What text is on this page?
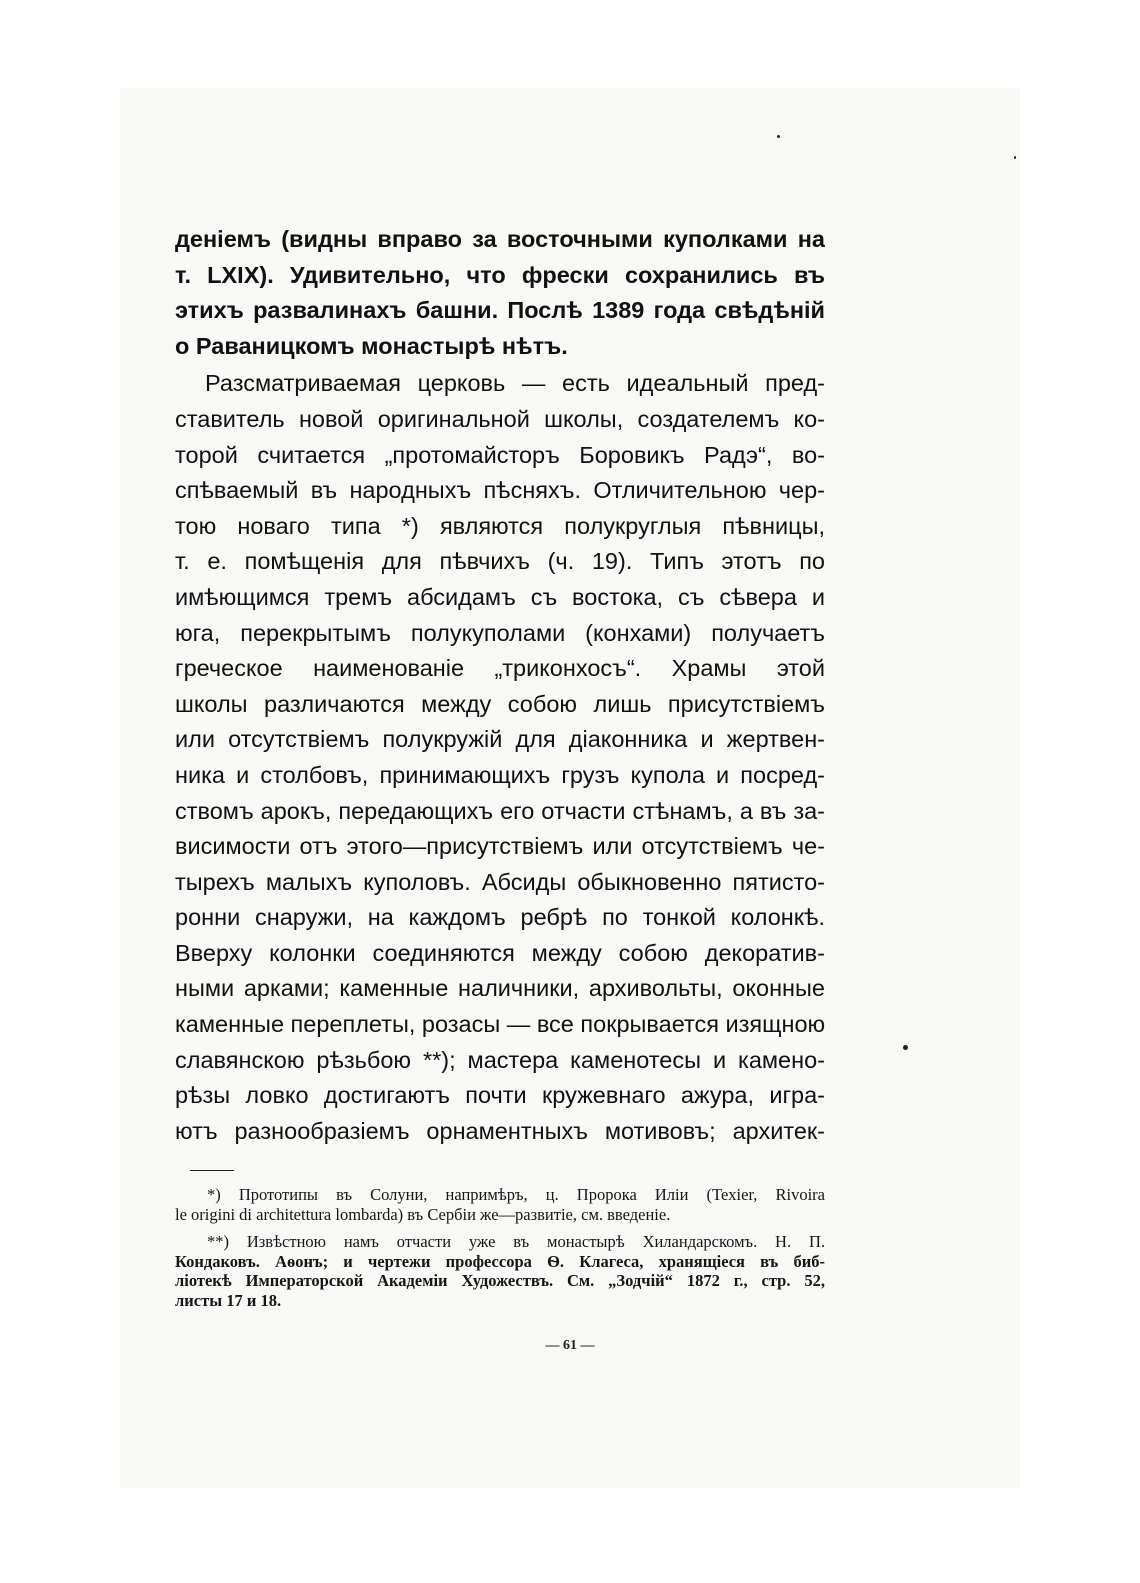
деніемъ (видны вправо за восточными куполками на
т. LXIX). Удивительно, что фрески сохранились въ
этихъ развалинахъ башни. Послѣ 1389 года свѣдѣній
о Раваницкомъ монастырѣ нѣтъ.
Разсматриваемая церковь — есть идеальный пред-
ставитель новой оригинальной школы, создателемъ ко-
торой считается „протомайсторъ Боровикъ Радэ“, во-
спѣваемый въ народныхъ пѣсняхъ. Отличительною чер-
тою новаго типа *) являются полукруглыя пѣвницы,
т. е. помѣщенія для пѣвчихъ (ч. 19). Типъ этотъ по
имѣющимся тремъ абсидамъ съ востока, съ сѣвера и
юга, перекрытымъ полукуполами (конхами) получаетъ
греческое наименованіе „триконхосъ“. Храмы этой
школы различаются между собою лишь присутствіемъ
или отсутствіемъ полукружій для діаконника и жертвен-
ника и столбовъ, принимающихъ грузъ купола и посред-
ствомъ арокъ, передающихъ его отчасти стѣнамъ, а въ за-
висимости отъ этого—присутствіемъ или отсутствіемъ че-
тырехъ малыхъ куполовъ. Абсиды обыкновенно пятисто-
ронни снаружи, на каждомъ ребрѣ по тонкой колонкѣ.
Вверху колонки соединяются между собою декоратив-
ными арками; каменные наличники, архивольты, оконные
каменные переплеты, розасы — все покрывается изящною
славянскою рѣзьбою **); мастера каменотесы и камено-
рѣзы ловко достигаютъ почти кружевнаго ажура, игра-
ютъ разнообразіемъ орнаментныхъ мотивовъ; архитек-
*) Прототипы въ Солуни, напримѣръ, ц. Пророка Иліи (Texier, Rivoira
le origini di architettura lombarda) въ Сербіи же—развитіе, см. введеніе.
**) Извѣстною намъ отчасти уже въ монастырѣ Хиландарскомъ. Н. П.
Кондаковъ. Аѳонъ; и чертежи профессора Ѳ. Клагеса, хранящіеся въ биб-
ліотекѣ Императорской Академіи Художествъ. См. „Зодчій“ 1872 г., стр. 52,
листы 17 и 18.
— 61 —
